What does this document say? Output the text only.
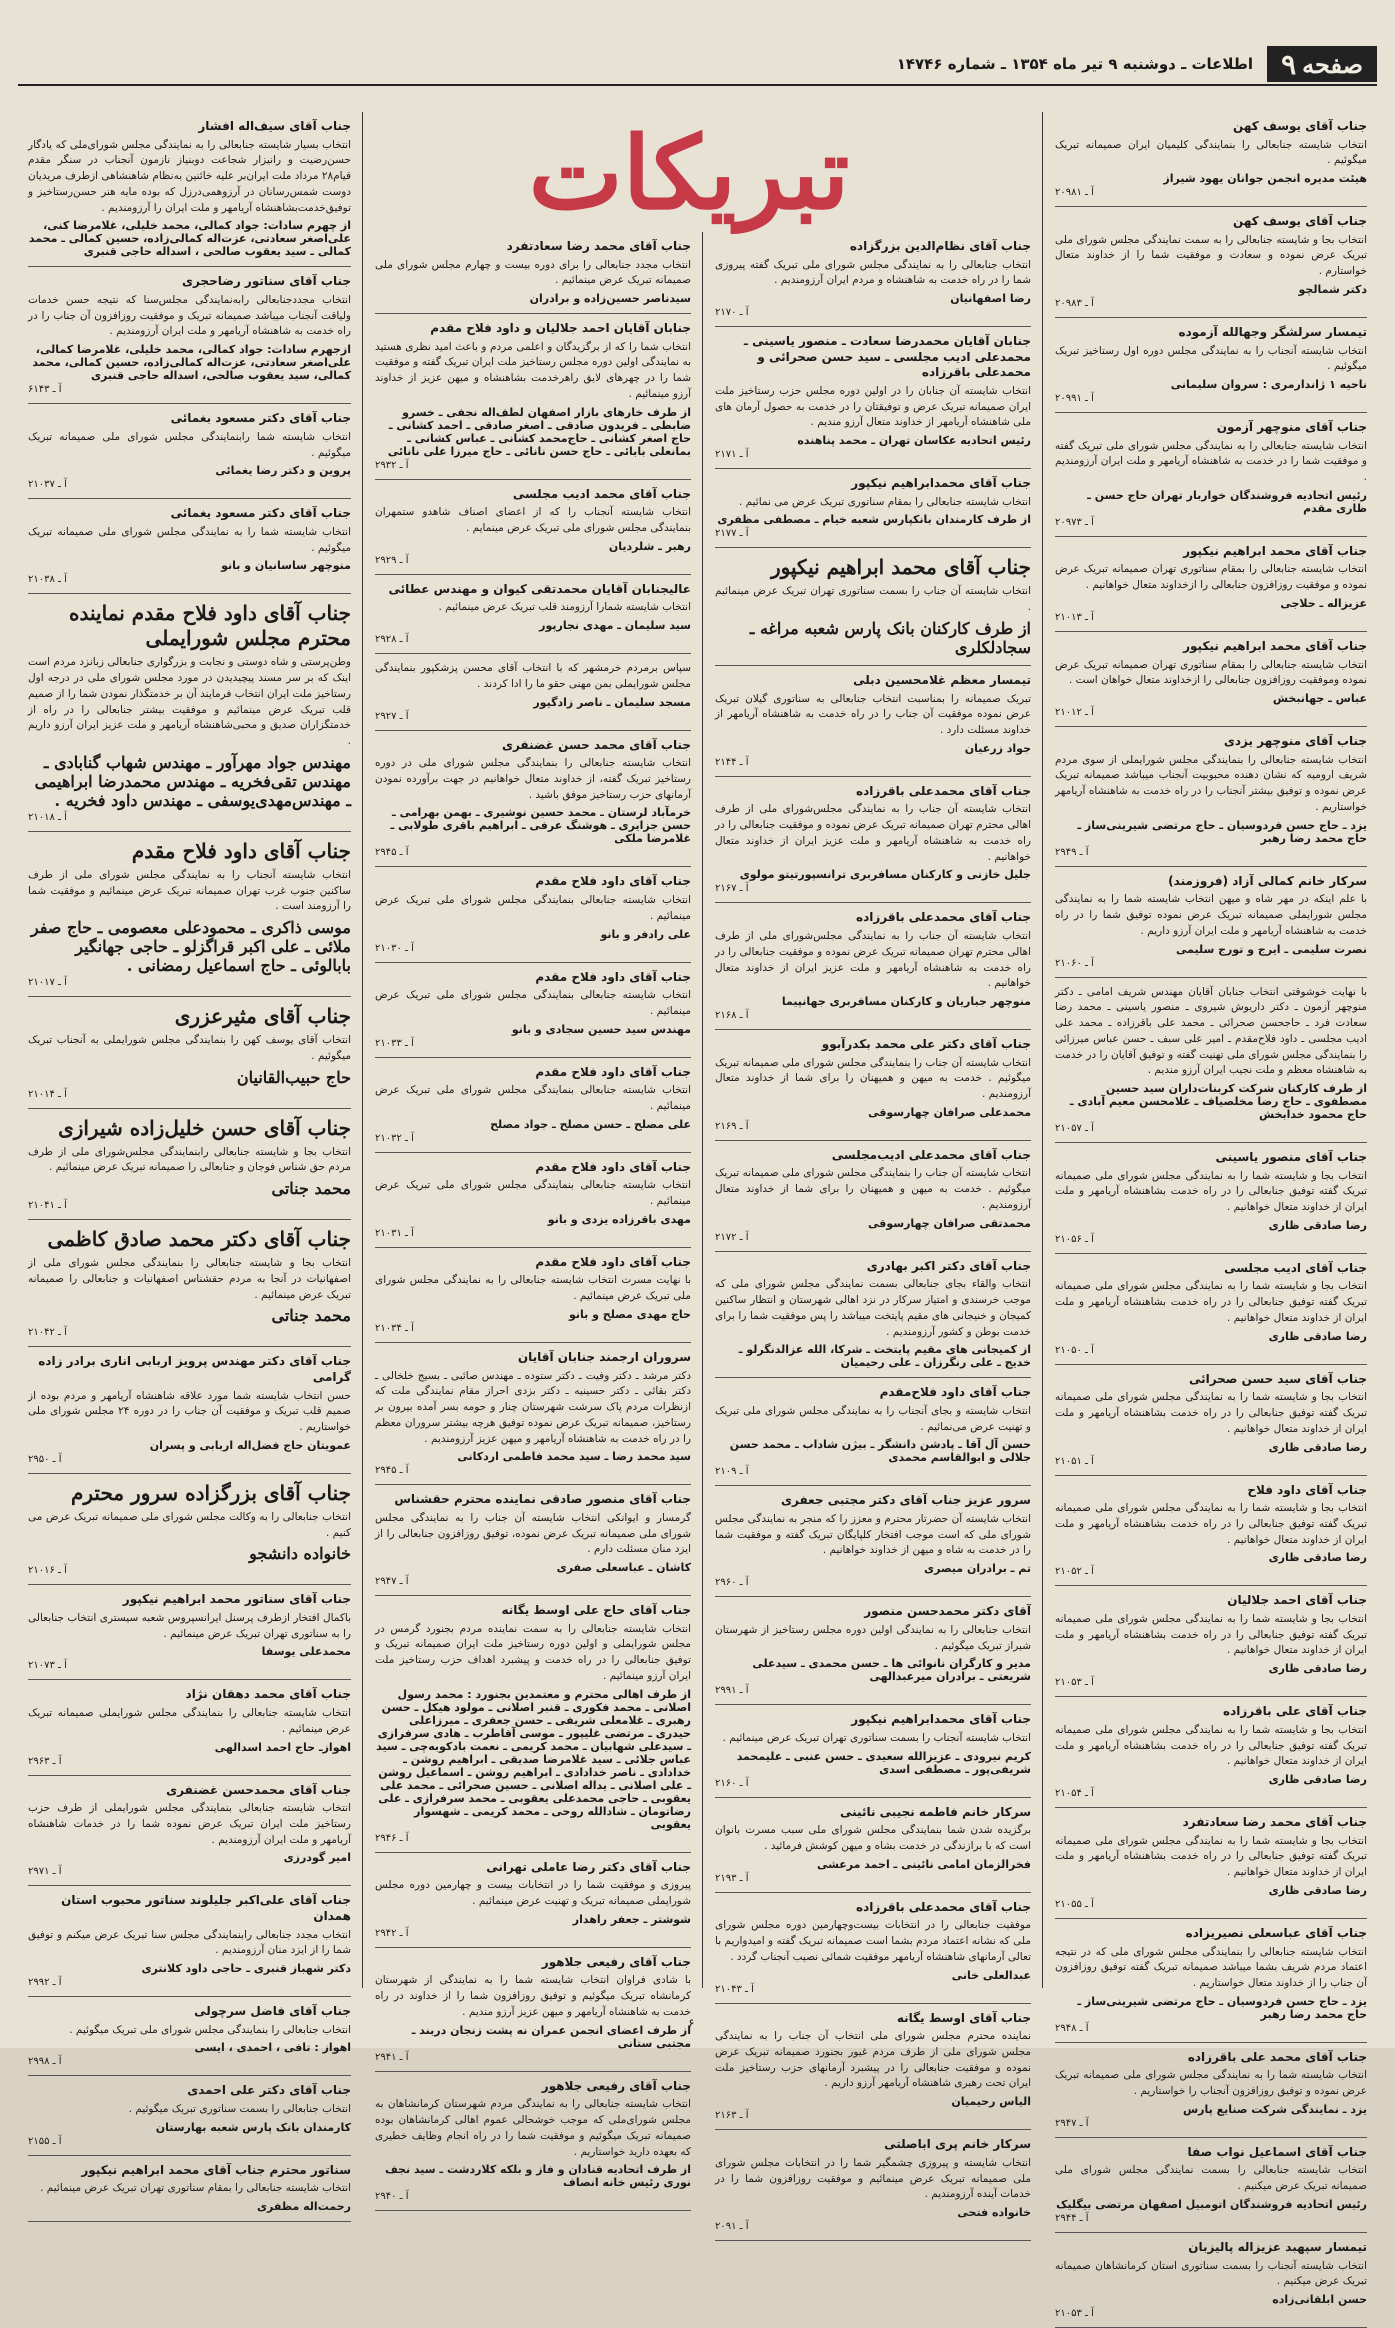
صفحه
۹
اطلاعات ـ دوشنبه ۹ تیر ماه ۱۳۵۴ ـ شماره ۱۴۷۴۶
تبریکات	جناب آقای یوسف کهن

انتخاب شایسته جنابعالی را بنمایندگی کلیمیان ایران صمیمانه تبریک میگوئیم .

هیئت مدیره انجمن جوانان یهود شیراز
آ ـ ۲۰۹۸۱
جناب آقای یوسف کهن

انتخاب بجا و شایسته جنابعالی را به سمت نمایندگی مجلس شورای ملی تبریک عرض نموده و سعادت و موفقیت شما را از خداوند متعال خواستارم .

دکتر شمالچو
آ ـ ۲۰۹۸۳
تیمسار سرلشگر وجهالله آزموده

انتخاب شایسته آنجناب را به نمایندگی مجلس دوره اول رستاخیز تبریک میگوئیم .

ناحیه ۱ ژاندارمری : سروان سلیمانی
آ ـ ۲۰۹۹۱
جناب آقای منوچهر آزمون

انتخاب شایسته جنابعالی را به نمایندگی مجلس شورای ملی تبریک گفته و موفقیت شما را در خدمت به شاهنشاه آریامهر و ملت ایران آرزومندیم .

رئیس اتحادیه فروشندگان خواربار تهران حاج حسن ـ ظاری مقدم
آ ـ ۲۰۹۷۳
جناب آقای محمد ابراهیم نیکپور

انتخاب شایسته جنابعالی را بمقام سناتوری تهران صمیمانه تبریک عرض نموده و موفقیت روزافزون جنابعالی را ازخداوند متعال خواهانیم .

عزیزاله ـ حلاجی
آ ـ ۲۱۰۱۳
جناب آقای محمد ابراهیم نیکپور

انتخاب شایسته جنابعالی را بمقام سناتوری تهران صمیمانه تبریک عرض نموده وموفقیت روزافزون جنابعالی را ازخداوند متعال خواهان است .

عباس ـ جهانبخش
آ ـ ۲۱۰۱۲
جناب آقای منوچهر یزدی

انتخاب شایسته جنابعالی را بنمایندگی مجلس شورایملی از سوی مردم شریف ارومیه که نشان دهنده محبوبیت آنجناب میباشد صمیمانه تبریک عرض نموده و توفیق بیشتر آنجناب را در راه خدمت به شاهنشاه آریامهر خواستاریم .

یزد ـ حاج حسن فردوسیان ـ حاج مرتضی شیرینی‌ساز ـ حاج محمد رضا رهبر
آ ـ ۲۹۴۹
سرکار خانم کمالی آزاد (فروزمند)

با علم اینکه در مهر شاه و میهن انتخاب شایسته شما را به نمایندگی مجلس شورایملی صمیمانه تبریک عرض نموده توفیق شما را در راه خدمت به شاهنشاه آریامهر و ملت ایران آرزو داریم .

نصرت سلیمی ـ ایرج و تورج سلیمی
آ ـ ۲۱۰۶۰

با نهایت خوشوقتی انتخاب جنابان آقایان مهندس شریف امامی ـ دکتر منوچهر آزمون ـ دکتر داریوش شیروی ـ منصور یاسینی ـ محمد رضا سعادت فرد ـ حاجحسن صحرائی ـ محمد علی باقرزاده ـ محمد علی ادیب مجلسی ـ داود فلاح‌مقدم ـ امیر علی سبف ـ حسن عباس میرزائی را بنمایندگی مجلس شورای ملی تهنیت گفته و توفیق آقایان را در خدمت به شاهنشاه معظم و ملت نجیب ایران آرزو مندیم .

از طرف کارکنان شرکت کربنات‌داران سید حسین مصطفوی ـ حاج رضا مخلصیاف ـ غلامحسن معیم آبادی ـ حاج محمود خدابخش
آ ـ ۲۱۰۵۷
جناب آقای منصور یاسینی

انتخاب بجا و شایسته شما را به نمایندگی مجلس شورای ملی صمیمانه تبریک گفته توفیق جنابعالی را در راه خدمت بشاهنشاه آریامهر و ملت ایران از خداوند متعال خواهانیم .

رضا صادقی ظاری
آ ـ ۲۱۰۵۶
جناب آقای ادیب مجلسی

انتخاب بجا و شایسته شما را به نمایندگی مجلس شورای ملی صمیمانه تبریک گفته توفیق جنابعالی را در راه خدمت بشاهنشاه آریامهر و ملت ایران از خداوند متعال خواهانیم .

رضا صادقی ظاری
آ ـ ۲۱۰۵۰
جناب آقای سید حسن صحرائی

انتخاب بجا و شایسته شما را به نمایندگی مجلس شورای ملی صمیمانه تبریک گفته توفیق جنابعالی را در راه خدمت بشاهنشاه آریامهر و ملت ایران از خداوند متعال خواهانیم .

رضا صادقی ظاری
آ ـ ۲۱۰۵۱
جناب آقای داود فلاح

انتخاب بجا و شایسته شما را به نمایندگی مجلس شورای ملی صمیمانه تبریک گفته توفیق جنابعالی را در راه خدمت بشاهنشاه آریامهر و ملت ایران از خداوند متعال خواهانیم .

رضا صادقی ظاری
آ ـ ۲۱۰۵۲
جناب آقای احمد جلالیان

انتخاب بجا و شایسته شما را به نمایندگی مجلس شورای ملی صمیمانه تبریک گفته توفیق جنابعالی را در راه خدمت بشاهنشاه آریامهر و ملت ایران از خداوند متعال خواهانیم .

رضا صادقی ظاری
آ ـ ۲۱۰۵۳
جناب آقای علی باقرزاده

انتخاب بجا و شایسته شما را به نمایندگی مجلس شورای ملی صمیمانه تبریک گفته توفیق جنابعالی را در راه خدمت بشاهنشاه آریامهر و ملت ایران از خداوند متعال خواهانیم .

رضا صادقی ظاری
آ ـ ۲۱۰۵۴
جناب آقای محمد رضا سعادتفرد

انتخاب بجا و شایسته شما را به نمایندگی مجلس شورای ملی صمیمانه تبریک گفته توفیق جنابعالی را در راه خدمت بشاهنشاه آریامهر و ملت ایران از خداوند متعال خواهانیم .

رضا صادقی ظاری
آ ـ ۲۱۰۵۵
جناب آقای عباسعلی نصیریزاده

انتخاب شایسته جنابعالی را بنمایندگی مجلس شورای ملی که در نتیجه اعتماد مردم شریف بشما میباشد صمیمانه تبریک گفته توفیق روزافزون آن جناب را از خداوند متعال خواستاریم .

یزد ـ حاج حسن فردوسیان ـ حاج مرتضی شیرینی‌ساز ـ حاج محمد رضا رهبر
آ ـ ۲۹۴۸
جناب آقای محمد علی باقرزاده

انتخاب شایسته شما را به نمایندگی مجلس شورای ملی صمیمانه تبریک عرض نموده و توفیق روزافزون آنجناب را خواستاریم .

یزد ـ نمایندگی شرکت صنایع پارس
آ ـ ۲۹۴۷
جناب آقای اسماعیل نواب صفا

انتخاب شایسته جنابعالی را بسمت نمایندگی مجلس شورای ملی صمیمانه تبریک عرض میکنیم .

رئیس اتحادیه فروشندگان اتومبیل اصفهان مرتضی بیگلیک
آ ـ ۲۹۴۴
تیمسار سپهبد عزیزاله پالیزبان

انتخاب شایسته آنجناب را بسمت سناتوری استان کرمانشاهان صمیمانه تبریک عرض میکنیم .

حسن ابلقانی‌زاده
آ ـ ۲۱۰۵۳
جناب آقای نظام‌الدین بزرگزاده

انتخاب جنابعالی را به نمایندگی مجلس شورای ملی تبریک گفته پیروزی شما را در راه خدمت به شاهنشاه و مردم ایران آرزومندیم .

رضا اصفهانیان
آ ـ ۲۱۷۰
جنابان آقایان محمدرضا سعادت ـ منصور یاسینی ـ محمدعلی ادیب مجلسی ـ سید حسن صحرائی و محمدعلی باقرزاده

انتخاب شایسته آن جنابان را در اولین دوره مجلس حزب رستاخیز ملت ایران صمیمانه تبریک عرض و توفیقتان را در خدمت به حصول آرمان های ملی شاهنشاه آریامهر از خداوند متعال آرزو مندیم .

رئیس اتحادیه عکاسان تهران ـ محمد پناهنده
آ ـ ۲۱۷۱
جناب آقای محمدابراهیم نیکپور

انتخاب شایسته جنابعالی را بمقام سناتوری تبریک عرض می نمائیم .

از طرف کارمندان بانکپارس شعبه خیام ـ مصطفی مظفری
آ ـ ۲۱۷۷
جناب آقای محمد ابراهیم نیکپور

انتخاب شایسته آن جناب را بسمت سناتوری تهران تبریک عرض مینمائیم .

از طرف کارکنان بانک پارس شعبه مراغه ـ سجادلکلری
تیمسار معظم غلامحسین دبلی

تبریک صمیمانه را بمناسبت انتخاب جنابعالی به سناتوری گیلان تبریک عرض نموده موفقیت آن جناب را در راه خدمت به شاهنشاه آریامهر از خداوند مسئلت دارد .

جواد زرعیان
آ ـ ۲۱۴۴
جناب آقای محمدعلی باقرزاده

انتخاب شایسته آن جناب را به نمایندگی مجلس‌شورای ملی از طرف اهالی محترم تهران صمیمانه تبریک عرض نموده و موفقیت جنابعالی را در راه خدمت به شاهنشاه آریامهر و ملت عزیز ایران از خداوند متعال خواهانیم .

جلیل خازنی و کارکنان مسافربری ترانسپورتیتو مولوی
آ ـ ۲۱۶۷
جناب آقای محمدعلی باقرزاده

انتخاب شایسته آن جناب را به نمایندگی مجلس‌شورای ملی از طرف اهالی محترم تهران صمیمانه تبریک عرض نموده و موفقیت جنابعالی را در راه خدمت به شاهنشاه آریامهر و ملت عزیز ایران از خداوند متعال خواهانیم .

منوچهر جباریان و کارکنان مسافربری جهانپیما
آ ـ ۲۱۶۸
جناب آقای دکتر علی محمد بکدرآبوو

انتخاب شایسته آن جناب را بنمایندگی مجلس شورای ملی صمیمانه تبریک میگوئیم . خدمت به میهن و همیهنان را برای شما از خداوند متعال آرزومندیم .

محمدعلی صرافان چهارسوقی
آ ـ ۲۱۶۹
جناب آقای محمدعلی ادیب‌مجلسی

انتخاب شایسته آن جناب را بنمایندگی مجلس شورای ملی صمیمانه تبریک میگوئیم . خدمت به میهن و همیهنان را برای شما از خداوند متعال آرزومندیم .

محمدتقی صرافان چهارسوقی
آ ـ ۲۱۷۲
جناب آقای دکتر اکبر بهادری

انتخاب والقاء بجای جنابعالی بسمت نمایندگی مجلس شورای ملی که موجب خرسندی و امتیاز سرکار در نزد اهالی شهرستان و انتظار ساکنین کمیجان و خنیجانی های مقیم پایتخت میباشد را پس موفقیت شما را برای خدمت بوطن و کشور آرزومندیم .

از کمیجانی های مقیم پایتخت ـ شرکا، الله عزالدنگرلو ـ خدیج ـ علی رنگرزان ـ علی رحیمیان
جناب آقای داود فلاح‌مقدم

انتخاب شایسته و بجای آنجناب را به نمایندگی مجلس شورای ملی تبریک و تهنیت عرض می‌نمائیم .

حسن آل آقا ـ پادشن دانشگر ـ بیژن شاداب ـ محمد حسن جلالی و ابوالقاسم محمدی
آ ـ ۲۱۰۹
سرور عزیز جناب آقای دکتر مجتبی جعفری

انتخاب شایسته آن حضرتار محترم و معزز را که منجر به نمایندگی مجلس شورای ملی که است موجب افتخار کلپایگان تبریک گفته و موفقیت شما را در خدمت به شاه و میهن از خداوند خواهانیم .

تم ـ برادران میصری
آ ـ ۲۹۶۰
آقای دکتر محمدحسن منصور

انتخاب جنابعالی را به نمایندگی اولین دوره مجلس رستاخیز از شهرستان شیراز تبریک میگوئیم .

مدیر و کارگران نانوائی ها ـ حسن محمدی ـ سیدعلی شریعتی ـ برادران میرعبدالهی
آ ـ ۲۹۹۱
جناب آقای محمدابراهیم نیکپور

انتخاب شایسته آنجناب را بسمت سناتوری تهران تبریک عرض مینمائیم .

کریم نیرودی ـ عزیزالله سعیدی ـ حسن عنبی ـ علیمحمد شریفی‌پور ـ مصطفی اسدی
آ ـ ۲۱۶۰
سرکار خانم فاطمه نجیبی نائینی

برگزیده شدن شما بنمایندگی مجلس شورای ملی سبب مسرت بانوان است که با برازندگی در خدمت بشاه و میهن کوشش فرمائید .

فخرالزمان امامی نائینی ـ احمد مرعشی
آ ـ ۲۱۹۳
جناب آقای محمدعلی باقرزاده

موفقیت جنابعالی را در انتخابات بیست‌وچهارمین دوره مجلس شورای ملی که نشانه اعتماد مردم بشما است صمیمانه تبریک گفته و امیدواریم با تعالی آرمانهای شاهنشاه آریامهر موفقیت شمائی نصیب آنجناب گردد .

عبدالعلی خانی
آ ـ ۲۱۰۴۳
جناب آقای اوسط یگانه

نماینده محترم مجلس شورای ملی انتخاب آن جناب را به نمایندگی مجلس شورای ملی از طرف مردم غیور بجنورد صمیمانه تبریک عرض نموده و موفقیت جنابعالی را در پیشبرد آرمانهای حزب رستاخیز ملت ایران تحت رهبری شاهنشاه آریامهر آرزو داریم .

الیاس رحیمیان
آ ـ ۲۱۶۳
سرکار خانم پری اباصلتی

انتخاب شایسته و پیروزی چشمگیر شما را در انتخابات مجلس شورای ملی صمیمانه تبریک عرض مینمائیم و موفقیت روزافزون شما را در خدمات آینده آرزومندیم .

خانواده فتحی
آ ـ ۲۰۹۱
جناب آقای محمد رضا سعادتفرد

انتخاب مجدد جنابعالی را برای دوره بیست و چهارم مجلس شورای ملی صمیمانه تبریک عرض مینمائیم .

سیدناصر حسین‌زاده و برادران
جنابان آقایان احمد جلالیان و داود فلاح مقدم

انتخاب شما را که از برگزیدگان و اعلمی مردم و باعث امید نظری هستید به نمایندگی اولین دوره مجلس رستاخیز ملت ایران تبریک گفته و موفقیت شما را در چهرهای لایق راهرخدمت بشاهنشاه و میهن عزیز از خداوند آرزو مینمائیم .

از طرف خارهای بازار اصفهان لطف‌اله نجفی ـ خسرو ضابطی ـ فریدون صادقی ـ اصغر صادقی ـ احمد کشانی ـ حاج اصغر کشانی ـ حاج‌محمد کشانی ـ عباس کشانی ـ بمانعلی بابائی ـ حاج حسن نانائی ـ حاج میرزا علی نانائی
آ ـ ۲۹۳۲
جناب آقای محمد ادیب مجلسی

انتخاب شایسته آنجناب را که از اعضای اصناف شاهدو ستمهران بنمایندگی مجلس شورای ملی تبریک عرض مینمایم .

رهبر ـ شلردیان
آ ـ ۲۹۲۹
عالیجنابان آقایان محمدتقی کیوان و مهندس عطائی

انتخاب شایسته شمارا آرزومند قلب تبریک عرض مینمائیم .

سید سلیمان ـ مهدی نجارپور
آ ـ ۲۹۲۸

سپاس برمردم خرمشهر که با انتخاب آقای محسن پزشکپور بنمایندگی مجلس شورایملی بمن مهنی حقو ما را ادا کردند .

مسجد سلیمان ـ ناصر زادگیور
آ ـ ۲۹۲۷
جناب آقای محمد حسن غضنفری

انتخاب شایسته جنابعالی را بنمایندگی مجلس شورای ملی در دوره رستاخیز تبریک گفته، از خداوند متعال خواهانیم در جهت برآورده نمودن آرمانهای حزب رستاخیز موفق باشید .

خرمآباد لرستان ـ محمد حسین نوشیری ـ بهمن بهرامی ـ حسن جزایری ـ هوشنگ عرفی ـ ابراهیم باقری طولابی ـ غلامرضا ملکی
آ ـ ۲۹۴۵
جناب آقای داود فلاح مقدم

انتخاب شایسته جنابعالی بنمایندگی مجلس شورای ملی تبریک عرض مینمائیم .

علی رادفر و بانو
آ ـ ۲۱۰۳۰
جناب آقای داود فلاح مقدم

انتخاب شایسته جنابعالی بنمایندگی مجلس شورای ملی تبریک عرض مینمائیم .

مهندس سید حسین سجادی و بانو
آ ـ ۲۱۰۳۳
جناب آقای داود فلاح مقدم

انتخاب شایسته جنابعالی بنمایندگی مجلس شورای ملی تبریک عرض مینمائیم .

علی مصلح ـ حسن مصلح ـ جواد مصلح
آ ـ ۲۱۰۳۲
جناب آقای داود فلاح مقدم

انتخاب شایسته جنابعالی بنمایندگی مجلس شورای ملی تبریک عرض مینمائیم .

مهدی باقرزاده یزدی و بانو
آ ـ ۲۱۰۳۱
جناب آقای داود فلاح مقدم

با نهایت مسرت انتخاب شایسته جنابعالی را به نمایندگی مجلس شورای ملی تبریک عرض مینمائیم .

حاج مهدی مصلح و بانو
آ ـ ۲۱۰۳۴
سروران ارجمند جنابان آقایان

دکتر مرشد ـ دکتر وفیت ـ دکتر ستوده ـ مهندس صائبی ـ بسیج خلخالی ـ دکتر بقائی ـ دکتر حسینیه ـ دکتر بزدی احراز مقام نمایندگی ملت که ازنظرات مردم پاک سرشت شهرستان چنار و حومه بسر آمده بیرون بر رستاخیز، صمیمانه تبریک عرض نموده توفیق هرچه بیشتر سروران معظم را در راه خدمت به شاهنشاه آریامهر و میهن عزیز آرزومندیم .

سید محمد رضا ـ سید محمد فاطمی اردکانی
آ ـ ۲۹۴۵
جناب آقای منصور صادقی نماینده محترم حقشناس

گرمسار و ایوانکی انتخاب شایسته آن جناب را به نمایندگی مجلس شورای ملی صمیمانه تبریک عرض نموده، توفیق روزافزون جنابعالی را از ایزد منان مسئلت دارم .

کاشان ـ عباسعلی صفری
آ ـ ۲۹۴۷
جناب آقای حاج علی اوسط یگانه

انتخاب شایسته جنابعالی را به سمت نماینده مردم بجنورد گرمس در مجلس شورایملی و اولین دوره رستاخیز ملت ایران صمیمانه تبریک و توفیق جنابعالی را در راه خدمت و پیشبرد اهداف حزب رستاخیز ملت ایران آرزو مینمائیم .

از طرف اهالی محترم و معتمدین بجنورد : محمد رسول اصلانی ـ محمد فکوری ـ قنبر اصلانی ـ مولود هیکل ـ حسن رهبری ـ غلامعلی شریفی ـ حسن جعفری ـ میرزاعلی حیدری ـ مرتضی غلیپور ـ موسی آقاطرب ـ هادی سرفرازی ـ سیدعلی شهابیان ـ محمد کریمی ـ نعمت بادکوبه‌چی ـ سید عباس جلائی ـ سید غلامرضا صدیقی ـ ابراهیم روشن ـ خدادادی ـ ناصر خدادادی ـ ابراهیم روشن ـ اسماعیل روشن ـ علی اصلانی ـ یداله اصلانی ـ حسین صحرائی ـ محمد علی یعقوبی ـ حاجی محمدعلی یعقوبی ـ محمد سرفرازی ـ علی رضاتومان ـ شادالله روحی ـ محمد کریمی ـ شهسوار یعقوبی
آ ـ ۲۹۴۶
جناب آقای دکتر رضا عاملی تهرانی

پیروزی و موفقیت شما را در انتخابات بیست و چهارمین دوره مجلس شورایملی صمیمانه تبریک و تهنیت عرض مینمائیم .

شوشتر ـ جعفر راهدار
آ ـ ۲۹۴۲
جناب آقای رفیعی جلاهور

با شادی فراوان انتخاب شایسته شما را به نمایندگی از شهرستان کرمانشاه تبریک میگوئیم و توفیق روزافزون شما را از خداوند در راه خدمت به شاهنشاه آریامهر و میهن عزیز آرزو مندیم .

از طرف اعضای انجمن عمران نه پشت زنجان دربند ـ مجتبی ستانی
آ ـ ۲۹۴۱
جناب آقای رفیعی جلاهور

انتخاب شایسته جنابعالی را به نمایندگی مردم شهرستان کرمانشاهان به مجلس شورای‌ملی که موجب خوشحالی عموم اهالی کرمانشاهان بوده صمیمانه تبریک میگوئیم و موفقیت شما را در راه انجام وظایف خطیری که بعهده دارید خواستاریم .

از طرف اتحادیه قنادان و فاز و بلکه کلاردشت ـ سید نجف نوری رئیس خانه انصاف
آ ـ ۲۹۴۰
جناب آقای سیف‌اله افشار

انتخاب بسیار شایسته جنابعالی را به نمایندگی مجلس شورای‌ملی که یادگار حسن‌رضیت و رانیزار شجاعت دوبنیاز نازمون آنجناب در سنگر مقدم قیام۲۸ مرداد ملت ایران‌بر علیه خائنین به‌نظام شاهنشاهی ازطرف مریدیان دوست شمس‌رسانان در آرزوهمی‌درزل که بوده مایه هنر حسن‌رستاخیز و توفیق‌خدمت‌بشاهنشاه آریامهر و ملت ایران را آرزومندیم .

از چهرم سادات: جواد کمالی، محمد خلیلی، غلامرضا کنی، علی‌اصغر سعادتی، عزت‌اله کمالی‌زاده، حسین کمالی ـ محمد کمالی ـ سید یعقوب صالحی ، اسداله حاجی قنبری
جناب آقای سناتور رضاحجری

انتخاب مجددجنابعالی رابه‌نمایندگی مجلس‌سنا که نتیجه حسن خدمات ولیاقت آنجناب میباشد صمیمانه تبریک و موفقیت روزافزون آن جناب را در راه خدمت به شاهنشاه آریامهر و ملت ایران آرزومندیم .

ازجهرم سادات: جواد کمالی، محمد خلیلی، غلامرضا کمالی، علی‌اصغر سعادتی، عزت‌اله کمالی‌زاده، حسین کمالی، محمد کمالی، سید یعقوب صالحی، اسداله حاجی قنبری
آ ـ ۶۱۴۳
جناب آقای دکتر مسعود بغمائی

انتخاب شایسته شما رابنمایندگی مجلس شورای ملی صمیمانه تبریک میگوئیم .

پروین و دکتر رضا یغمائی
آ ـ ۲۱۰۳۷
جناب آقای دکتر مسعود یغمائی

انتخاب شایسته شما را به نمایندگی مجلس شورای ملی صمیمانه تبریک میگوئیم .

منوچهر ساسانیان و بانو
آ ـ ۲۱۰۳۸
جناب آقای داود فلاح مقدم نماینده محترم مجلس شورایملی

وطن‌پرستی و شاه دوستی و نجابت و بزرگواری جنابعالی زبانزد مردم است اینک که بر سر مسند پیچیدیدن در مورد مجلس شورای ملی در درجه اول رستاخیز ملت ایران انتخاب فرمایند آن بر خدمتگذار نمودن شما را از صمیم قلب تبریک عرض مینمائیم و موفقیت بیشتر جنابعالی را در راه از خدمتگزاران صدیق و محبی‌شاهنشاه آریامهر و ملت عزیز ایران آرزو داریم .

مهندس جواد مهرآور ـ مهندس شهاب گنابادی ـ مهندس تقی‌فخریه ـ مهندس محمدرضا ابراهیمی ـ مهندس‌مهدی‌یوسفی ـ مهندس داود فخریه .
آ ـ ۲۱۰۱۸
جناب آقای داود فلاح مقدم

انتخاب شایسته آنجناب را به نمایندگی مجلس شورای ملی از طرف ساکنین جنوب غرب تهران صمیمانه تبریک عرض مینمائیم و موفقیت شما را آرزومند است .

موسی ذاکری ـ محمودعلی معصومی ـ حاج صفر ملائی ـ علی اکبر قراگزلو ـ حاجی جهانگیر بابالوئی ـ حاج اسماعیل رمضانی .
آ ـ ۲۱۰۱۷
جناب آقای مثیرعزری

انتخاب آقای یوسف کهن را بنمایندگی مجلس شورایملی به آنجناب تبریک میگوئیم .

حاج حبیب‌القانیان
آ ـ ۲۱۰۱۴
جناب آقای حسن خلیل‌زاده شیرازی

انتخاب بجا و شایسته جنابعالی رابنمایندگی مجلس‌شورای ملی از طرف مردم حق شناس فوجان و جنابعالی را صمیمانه تبریک عرض مینمائیم .

محمد جناتی
آ ـ ۲۱۰۴۱
جناب آقای دکتر محمد صادق کاظمی

انتخاب بجا و شایسته جنابعالی را بنمایندگی مجلس شورای ملی از اصفهانیات در آنجا به مردم حقشناس اصفهانیات و جنابعالی را صمیمانه تبریک عرض مینمائیم .

محمد جناتی
آ ـ ۲۱۰۴۲
جناب آقای دکتر مهندس پرویز اربابی اناری برادر زاده گرامی

حسن انتخاب شایسته شما مورد علاقه شاهنشاه آریامهر و مردم بوده از صمیم قلب تبریک و موفقیت آن جناب را در دوره ۲۴ مجلس شورای ملی خواستاریم .

عمویتان حاج فضل‌اله اربابی و پسران
آ ـ ۲۹۵۰
جناب آقای بزرگزاده سرور محترم

انتخاب جنابعالی را به وکالت مجلس شورای ملی صمیمانه تبریک عرض می کنیم .

خانواده دانشجو
آ ـ ۲۱۰۱۶
جناب آقای سناتور محمد ابراهیم نیکپور

باکمال افتخار ازطرف پرسنل ایرانسپروس شعبه سیستری انتخاب جنابعالی را به سناتوری تهران تبریک عرض مینمائیم .

محمدعلی یوسفا
آ ـ ۲۱۰۷۳
جناب آقای محمد دهقان نژاد

انتخاب شایسته جنابعالی را بنمایندگی مجلس شورایملی صمیمانه تبریک عرض مینمائیم .

اهوازـ حاج احمد اسدالهی
آ ـ ۲۹۶۳
جناب آقای محمدحسن غضنفری

انتخاب شایسته جنابعالی بنمایندگی مجلس شورایملی از طرف حزب رستاخیز ملت ایران تبریک عرض نموده شما را در خدمات شاهنشاه آریامهر و ملت ایران آرزومندیم .

امیر گودرزی
آ ـ ۲۹۷۱
جناب آقای علی‌اکبر جلیلوند سناتور محبوب استان همدان

انتخاب مجدد جنابعالی رابنمایندگی مجلس سنا تبریک عرض میکنم و توفیق شما را از ایزد منان آرزومندیم .

دکتر شهباز قنبری ـ حاجی داود کلانتری
آ ـ ۲۹۹۲
جناب آقای فاضل سرچولی

انتخاب جنابعالی را بنمایندگی مجلس شورای ملی تبریک میگوئیم .

اهواز : تافی ، احمدی ، ایسی
آ ـ ۲۹۹۸
جناب آقای دکتر علی احمدی

انتخاب جنابعالی را بسمت سناتوری تبریک میگوئیم .

کارمندان بانک پارس شعبه بهارستان
آ ـ ۲۱۵۵
سناتور محترم جناب آقای محمد ابراهیم نیکپور

انتخاب شایسته جنابعالی را بمقام سناتوری تهران تبریک عرض مینمائیم .

رحمت‌اله مظفری
۶
